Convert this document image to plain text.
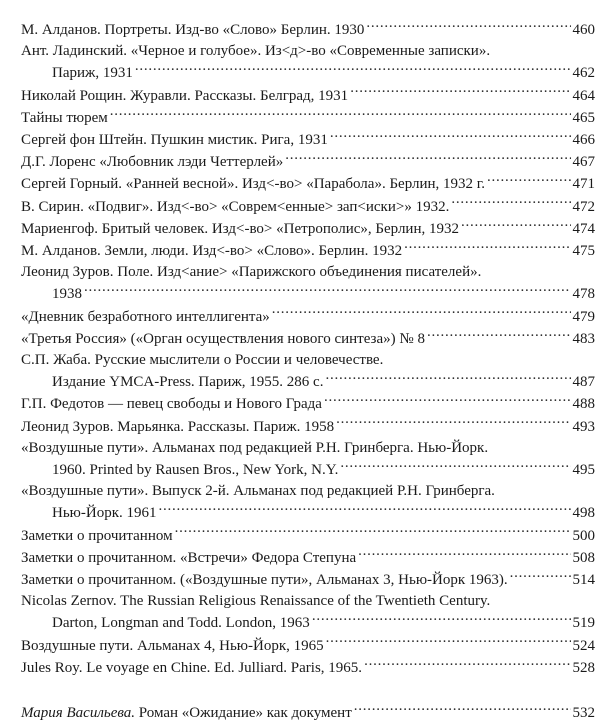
М. Алданов. Портреты. Изд-во «Слово» Берлин. 1930 . . .	460
Ант. Ладинский. «Черное и голубое». Из<д>-во «Современные записки».
Париж, 1931 . . .	462
Николай Рощин. Журавли. Рассказы. Белград, 1931 . . .	464
Тайны тюрем . . .	465
Сергей фон Штейн. Пушкин мистик. Рига, 1931 . . .	466
Д.Г. Лоренс «Любовник лэди Четтерлей» . . .	467
Сергей Горный. «Ранней весной». Изд<-во> «Парабола». Берлин, 1932 г. . . .	471
В. Сирин. «Подвиг». Изд<-во> «Соврем<енные> зап<иски>» 1932. . . .	472
Мариенгоф. Бритый человек. Изд<-во> «Петрополис», Берлин, 1932 . . .	474
М. Алданов. Земли, люди. Изд<-во> «Слово». Берлин. 1932 . . .	475
Леонид Зуров. Поле. Изд<ание> «Парижского объединения писателей».
1938 . . .	478
«Дневник безработного интеллигента» . . .	479
«Третья Россия» («Орган осуществления нового синтеза») № 8 . . .	483
С.П. Жаба. Русские мыслители о России и человечестве.
Издание YMCA-Press. Париж, 1955. 286 с. . . .	487
Г.П. Федотов — певец свободы и Нового Града . . .	488
Леонид Зуров. Марьянка. Рассказы. Париж. 1958 . . .	493
«Воздушные пути». Альманах под редакцией Р.Н. Гринберга. Нью-Йорк.
1960. Printed by Rausen Bros., New York, N.Y. . . .	495
«Воздушные пути». Выпуск 2-й. Альманах под редакцией Р.Н. Гринберга.
Нью-Йорк. 1961 . . .	498
Заметки о прочитанном . . .	500
Заметки о прочитанном. «Встречи» Федора Степуна . . .	508
Заметки о прочитанном. («Воздушные пути», Альманах 3, Нью-Йорк 1963). . . .	514
Nicolas Zernov. The Russian Religious Renaissance of the Twentieth Century.
Darton, Longman and Todd. London, 1963 . . .	519
Воздушные пути. Альманах 4, Нью-Йорк, 1965 . . .	524
Jules Roy. Le voyage en Chine. Ed. Julliard. Paris, 1965. . . .	528
Мария Васильева. Роман «Ожидание» как документ . . .	532
